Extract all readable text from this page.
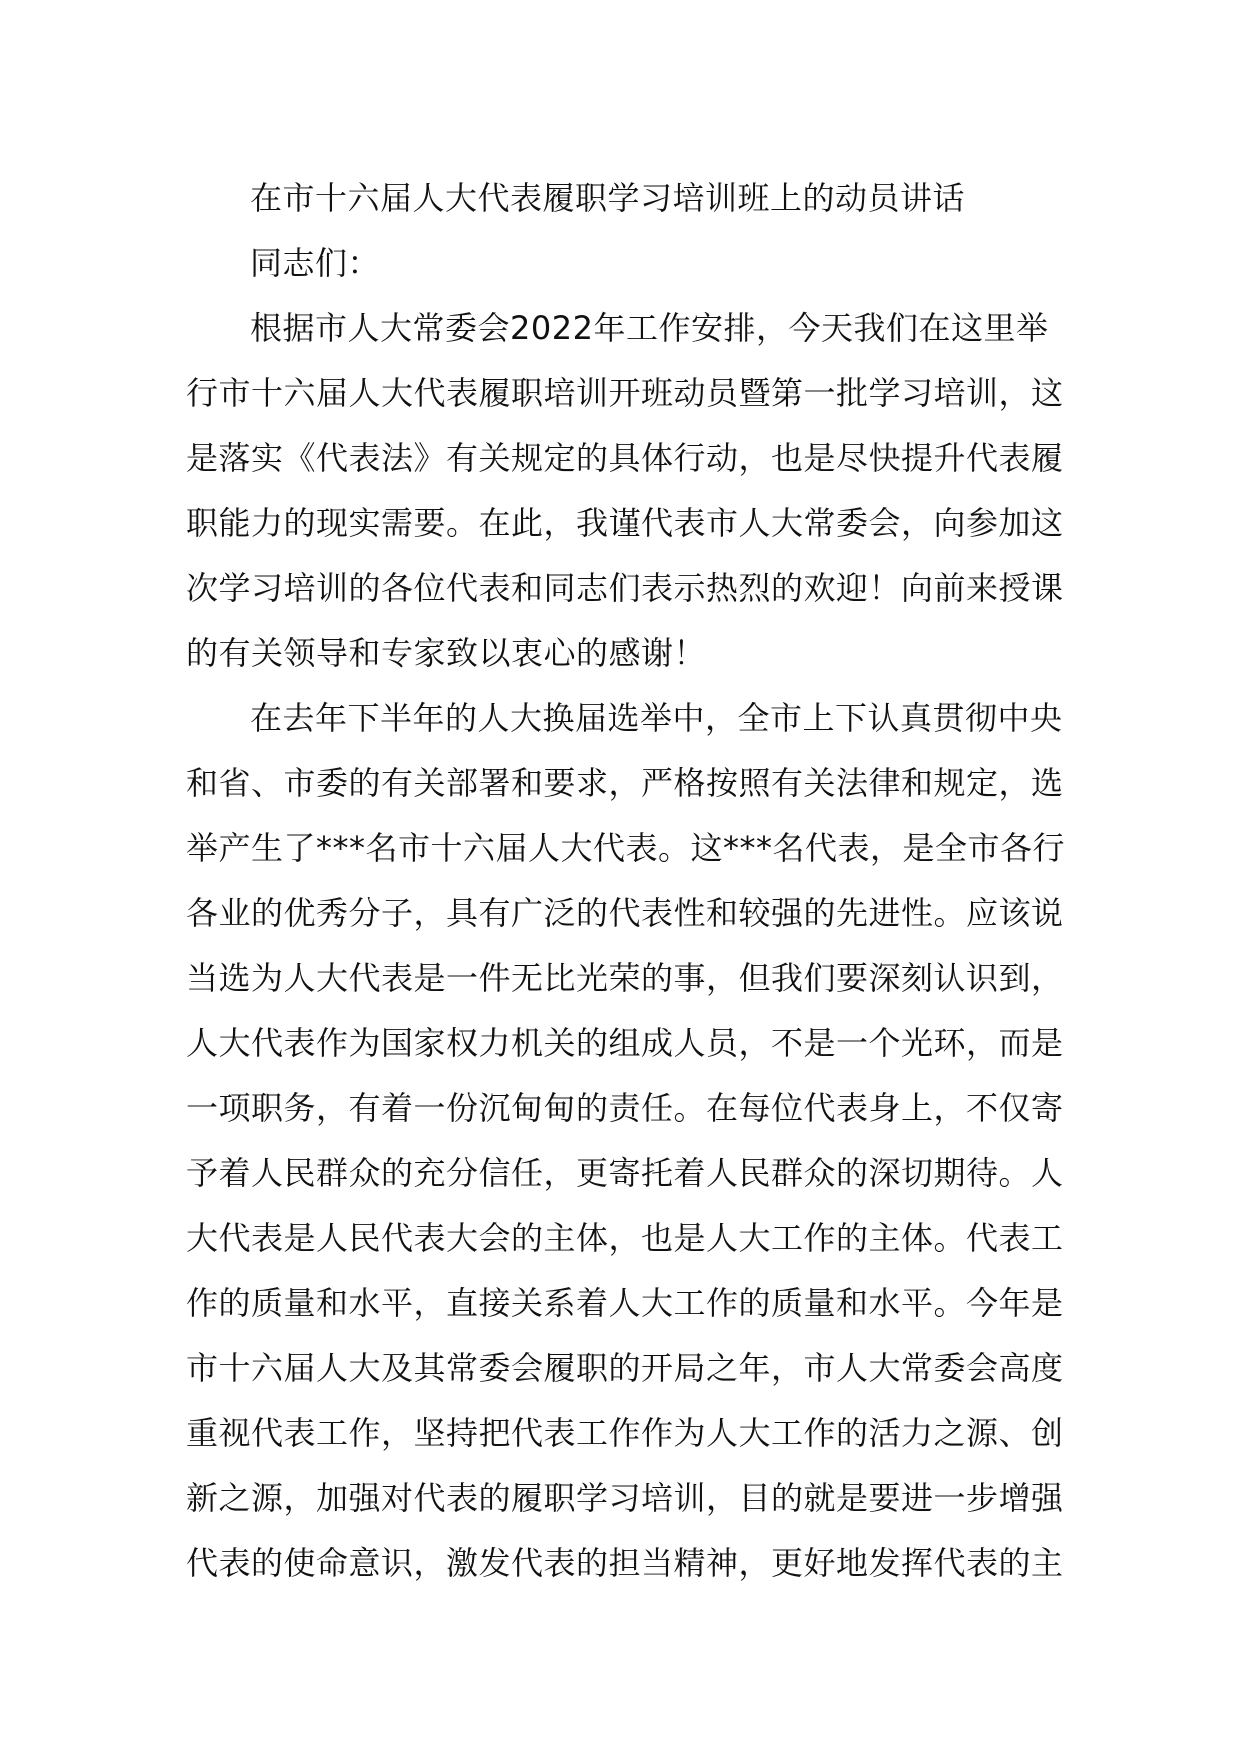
在市十六届人大代表履职学习培训班上的动员讲话

同志们：

根据市人大常委会2022年工作安排，今天我们在这里举行市十六届人大代表履职培训开班动员暨第一批学习培训，这是落实《代表法》有关规定的具体行动，也是尽快提升代表履职能力的现实需要。在此，我谨代表市人大常委会，向参加这次学习培训的各位代表和同志们表示热烈的欢迎！向前来授课的有关领导和专家致以衷心的感谢！

在去年下半年的人大换届选举中，全市上下认真贯彻中央和省、市委的有关部署和要求，严格按照有关法律和规定，选举产生了***名市十六届人大代表。这***名代表，是全市各行各业的优秀分子，具有广泛的代表性和较强的先进性。应该说当选为人大代表是一件无比光荣的事，但我们要深刻认识到，人大代表作为国家权力机关的组成人员，不是一个光环，而是一项职务，有着一份沉甸甸的责任。在每位代表身上，不仅寄予着人民群众的充分信任，更寄托着人民群众的深切期待。人大代表是人民代表大会的主体，也是人大工作的主体。代表工作的质量和水平，直接关系着人大工作的质量和水平。今年是市十六届人大及其常委会履职的开局之年，市人大常委会高度重视代表工作，坚持把代表工作作为人大工作的活力之源、创新之源，加强对代表的履职学习培训，目的就是要进一步增强代表的使命意识，激发代表的担当精神，更好地发挥代表的主
